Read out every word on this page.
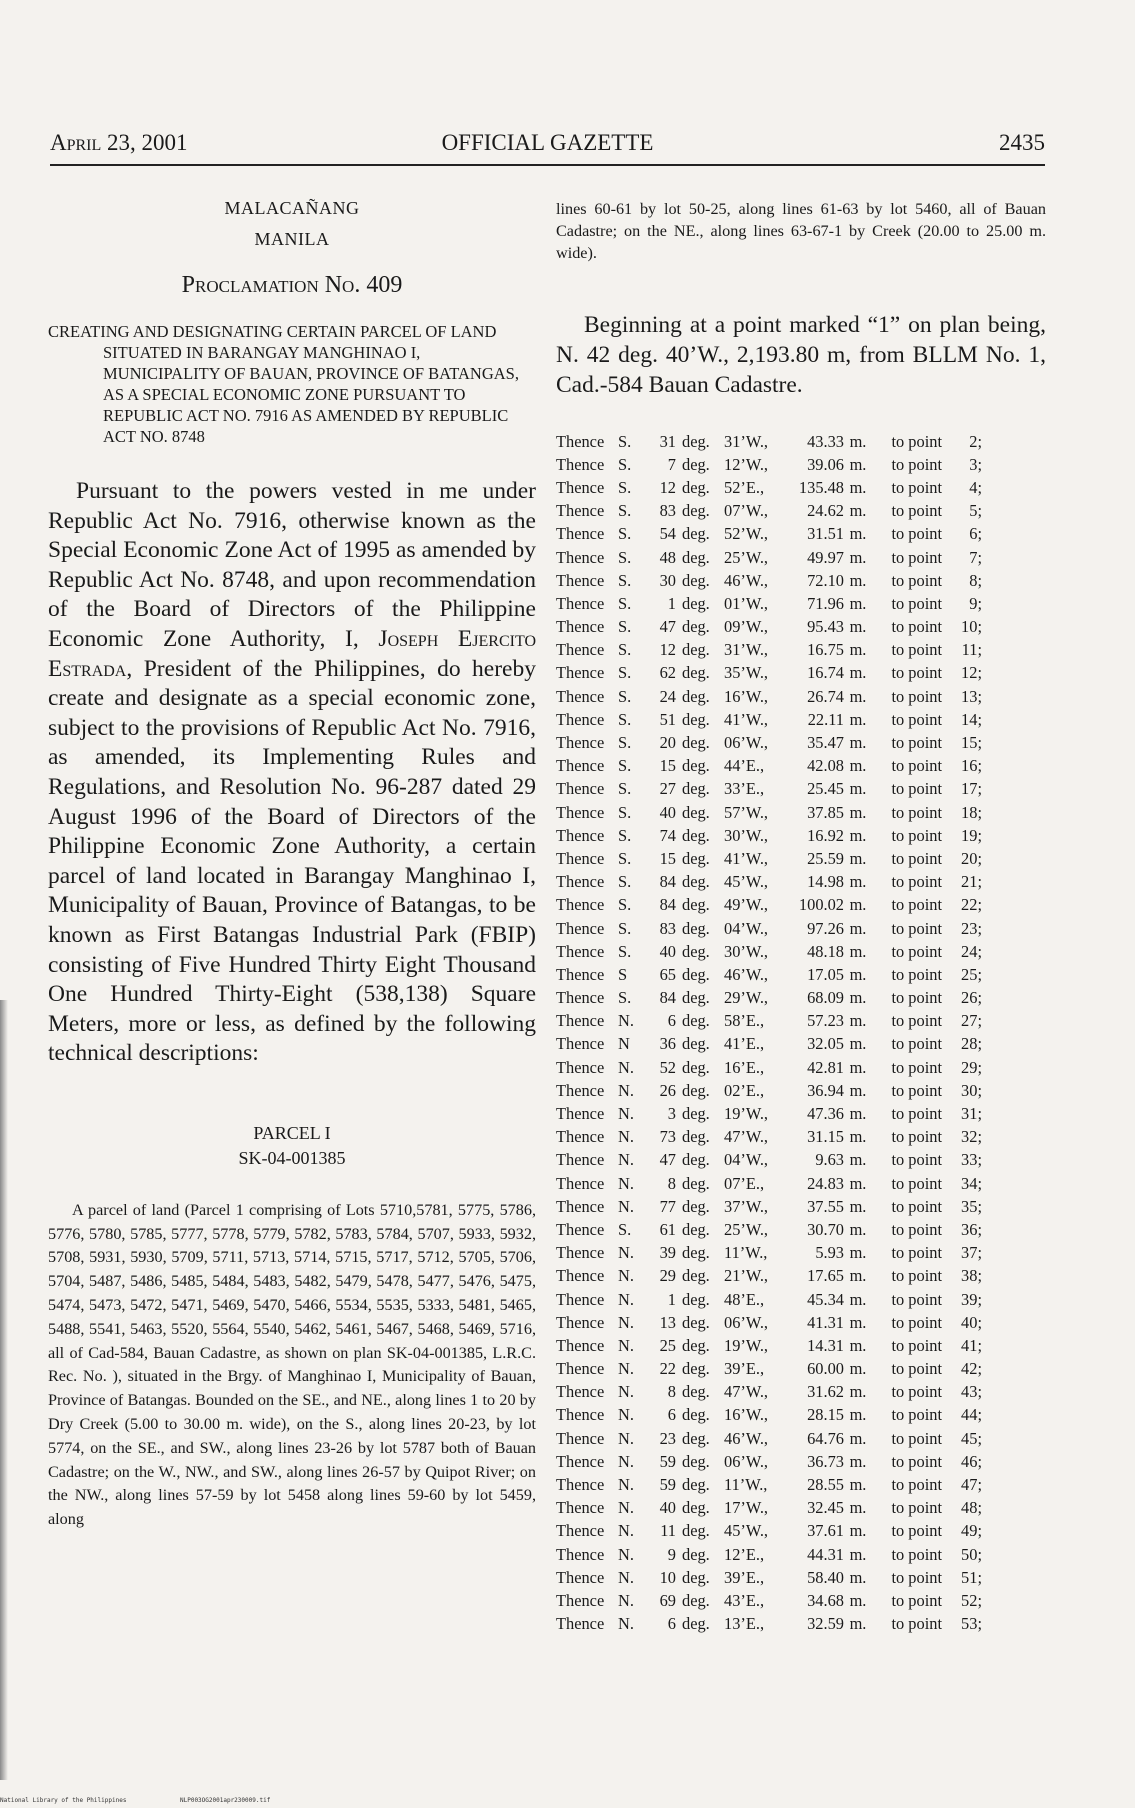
April 23, 2001	OFFICIAL GAZETTE	2435

MALACAÑANG

MANILA

Proclamation No. 409

CREATING AND DESIGNATING CERTAIN PARCEL OF LAND SITUATED IN BARANGAY MANGHINAO I, MUNICIPALITY OF BAUAN, PROVINCE OF BATANGAS, AS A SPECIAL ECONOMIC ZONE PURSUANT TO REPUBLIC ACT NO. 7916 AS AMENDED BY REPUBLIC ACT NO. 8748

Pursuant to the powers vested in me under Republic Act No. 7916, otherwise known as the Special Economic Zone Act of 1995 as amended by Republic Act No. 8748, and upon recommendation of the Board of Directors of the Philippine Economic Zone Authority, I, Joseph Ejercito Estrada, President of the Philippines, do hereby create and designate as a special economic zone, subject to the provisions of Republic Act No. 7916, as amended, its Implementing Rules and Regulations, and Resolution No. 96-287 dated 29 August 1996 of the Board of Directors of the Philippine Economic Zone Authority, a certain parcel of land located in Barangay Manghinao I, Municipality of Bauan, Province of Batangas, to be known as First Batangas Industrial Park (FBIP) consisting of Five Hundred Thirty Eight Thousand One Hundred Thirty-Eight (538,138) Square Meters, more or less, as defined by the following technical descriptions:

PARCEL I
SK-04-001385

A parcel of land (Parcel 1 comprising of Lots 5710,5781, 5775, 5786, 5776, 5780, 5785, 5777, 5778, 5779, 5782, 5783, 5784, 5707, 5933, 5932, 5708, 5931, 5930, 5709, 5711, 5713, 5714, 5715, 5717, 5712, 5705, 5706, 5704, 5487, 5486, 5485, 5484, 5483, 5482, 5479, 5478, 5477, 5476, 5475, 5474, 5473, 5472, 5471, 5469, 5470, 5466, 5534, 5535, 5333, 5481, 5465, 5488, 5541, 5463, 5520, 5564, 5540, 5462, 5461, 5467, 5468, 5469, 5716, all of Cad-584, Bauan Cadastre, as shown on plan SK-04-001385, L.R.C. Rec. No. ), situated in the Brgy. of Manghinao I, Municipality of Bauan, Province of Batangas. Bounded on the SE., and NE., along lines 1 to 20 by Dry Creek (5.00 to 30.00 m. wide), on the S., along lines 20-23, by lot 5774, on the SE., and SW., along lines 23-26 by lot 5787 both of Bauan Cadastre; on the W., NW., and SW., along lines 26-57 by Quipot River; on the NW., along lines 57-59 by lot 5458 along lines 59-60 by lot 5459, along

lines 60-61 by lot 50-25, along lines 61-63 by lot 5460, all of Bauan Cadastre; on the NE., along lines 63-67-1 by Creek (20.00 to 25.00 m. wide).

Beginning at a point marked “1” on plan being, N. 42 deg. 40’W., 2,193.80 m, from BLLM No. 1, Cad.-584 Bauan Cadastre.

Thence	S.	31	deg.	31’W.,	43.33	m.	to point	2;
Thence	S.	7	deg.	12’W.,	39.06	m.	to point	3;
Thence	S.	12	deg.	52’E.,	135.48	m.	to point	4;
Thence	S.	83	deg.	07’W.,	24.62	m.	to point	5;
Thence	S.	54	deg.	52’W.,	31.51	m.	to point	6;
Thence	S.	48	deg.	25’W.,	49.97	m.	to point	7;
Thence	S.	30	deg.	46’W.,	72.10	m.	to point	8;
Thence	S.	1	deg.	01’W.,	71.96	m.	to point	9;
Thence	S.	47	deg.	09’W.,	95.43	m.	to point	10;
Thence	S.	12	deg.	31’W.,	16.75	m.	to point	11;
Thence	S.	62	deg.	35’W.,	16.74	m.	to point	12;
Thence	S.	24	deg.	16’W.,	26.74	m.	to point	13;
Thence	S.	51	deg.	41’W.,	22.11	m.	to point	14;
Thence	S.	20	deg.	06’W.,	35.47	m.	to point	15;
Thence	S.	15	deg.	44’E.,	42.08	m.	to point	16;
Thence	S.	27	deg.	33’E.,	25.45	m.	to point	17;
Thence	S.	40	deg.	57’W.,	37.85	m.	to point	18;
Thence	S.	74	deg.	30’W.,	16.92	m.	to point	19;
Thence	S.	15	deg.	41’W.,	25.59	m.	to point	20;
Thence	S.	84	deg.	45’W.,	14.98	m.	to point	21;
Thence	S.	84	deg.	49’W.,	100.02	m.	to point	22;
Thence	S.	83	deg.	04’W.,	97.26	m.	to point	23;
Thence	S.	40	deg.	30’W.,	48.18	m.	to point	24;
Thence	S	65	deg.	46’W.,	17.05	m.	to point	25;
Thence	S.	84	deg.	29’W.,	68.09	m.	to point	26;
Thence	N.	6	deg.	58’E.,	57.23	m.	to point	27;
Thence	N	36	deg.	41’E.,	32.05	m.	to point	28;
Thence	N.	52	deg.	16’E.,	42.81	m.	to point	29;
Thence	N.	26	deg.	02’E.,	36.94	m.	to point	30;
Thence	N.	3	deg.	19’W.,	47.36	m.	to point	31;
Thence	N.	73	deg.	47’W.,	31.15	m.	to point	32;
Thence	N.	47	deg.	04’W.,	9.63	m.	to point	33;
Thence	N.	8	deg.	07’E.,	24.83	m.	to point	34;
Thence	N.	77	deg.	37’W.,	37.55	m.	to point	35;
Thence	S.	61	deg.	25’W.,	30.70	m.	to point	36;
Thence	N.	39	deg.	11’W.,	5.93	m.	to point	37;
Thence	N.	29	deg.	21’W.,	17.65	m.	to point	38;
Thence	N.	1	deg.	48’E.,	45.34	m.	to point	39;
Thence	N.	13	deg.	06’W.,	41.31	m.	to point	40;
Thence	N.	25	deg.	19’W.,	14.31	m.	to point	41;
Thence	N.	22	deg.	39’E.,	60.00	m.	to point	42;
Thence	N.	8	deg.	47’W.,	31.62	m.	to point	43;
Thence	N.	6	deg.	16’W.,	28.15	m.	to point	44;
Thence	N.	23	deg.	46’W.,	64.76	m.	to point	45;
Thence	N.	59	deg.	06’W.,	36.73	m.	to point	46;
Thence	N.	59	deg.	11’W.,	28.55	m.	to point	47;
Thence	N.	40	deg.	17’W.,	32.45	m.	to point	48;
Thence	N.	11	deg.	45’W.,	37.61	m.	to point	49;
Thence	N.	9	deg.	12’E.,	44.31	m.	to point	50;
Thence	N.	10	deg.	39’E.,	58.40	m.	to point	51;
Thence	N.	69	deg.	43’E.,	34.68	m.	to point	52;
Thence	N.	6	deg.	13’E.,	32.59	m.	to point	53;
National Library of the Philippines	NLP003OG2001apr230009.tif
